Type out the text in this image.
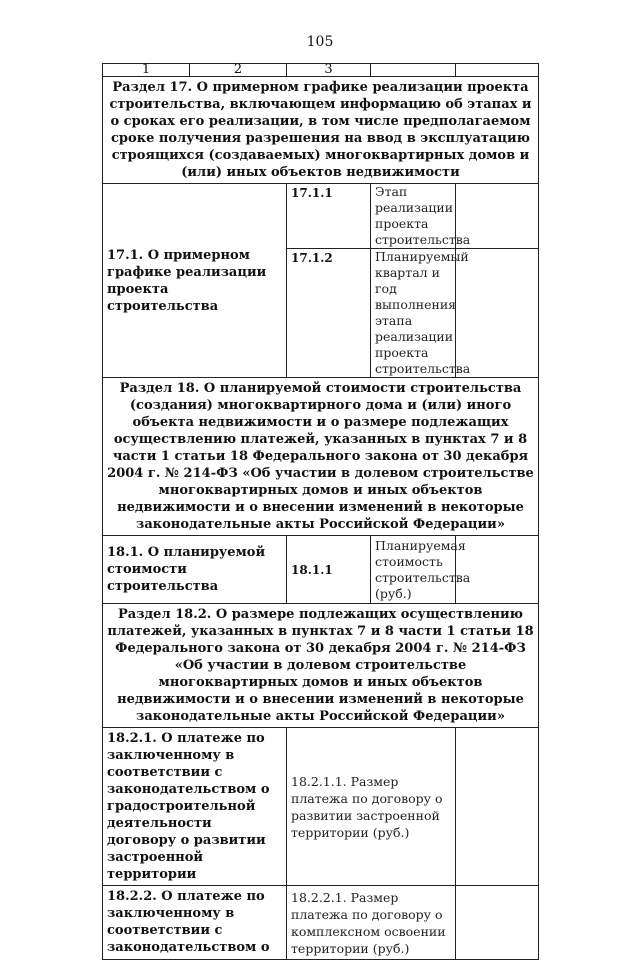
105
1	2	3		
Раздел 17. О примерном графике реализации проекта строительства, включающем информацию об этапах и о сроках его реализации, в том числе предполагаемом сроке получения разрешения на ввод в эксплуатацию строящихся (создаваемых) многоквартирных домов и (или) иных объектов недвижимости				
17.1. О примерном графике реализации проекта строительства		17.1.1	Этап реализации проекта строительства	
		17.1.2	Планируемый квартал и год выполнения этапа реализации проекта строительства	
Раздел 18. О планируемой стоимости строительства (создания) многоквартирного дома и (или) иного объекта недвижимости и о размере подлежащих осуществлению платежей, указанных в пунктах 7 и 8 части 1 статьи 18 Федерального закона от 30 декабря 2004 г. № 214-ФЗ «Об участии в долевом строительстве многоквартирных домов и иных объектов недвижимости и о внесении изменений в некоторые законодательные акты Российской Федерации»				
18.1. О планируемой стоимости строительства		18.1.1	Планируемая стоимость строительства (руб.)	
Раздел 18.2. О размере подлежащих осуществлению платежей, указанных в пунктах 7 и 8 части 1 статьи 18 Федерального закона от 30 декабря 2004 г. № 214-ФЗ «Об участии в долевом строительстве многоквартирных домов и иных объектов недвижимости и о внесении изменений в некоторые законодательные акты Российской Федерации»				
18.2.1. О платеже по заключенному в соответствии с законодательством о градостроительной деятельности договору о развитии застроенной территории		18.2.1.1. Размер платежа по договору о развитии застроенной территории (руб.)		
18.2.2. О платеже по заключенному в соответствии с законодательством о		18.2.2.1. Размер платежа по договору о комплексном освоении территории (руб.)		
